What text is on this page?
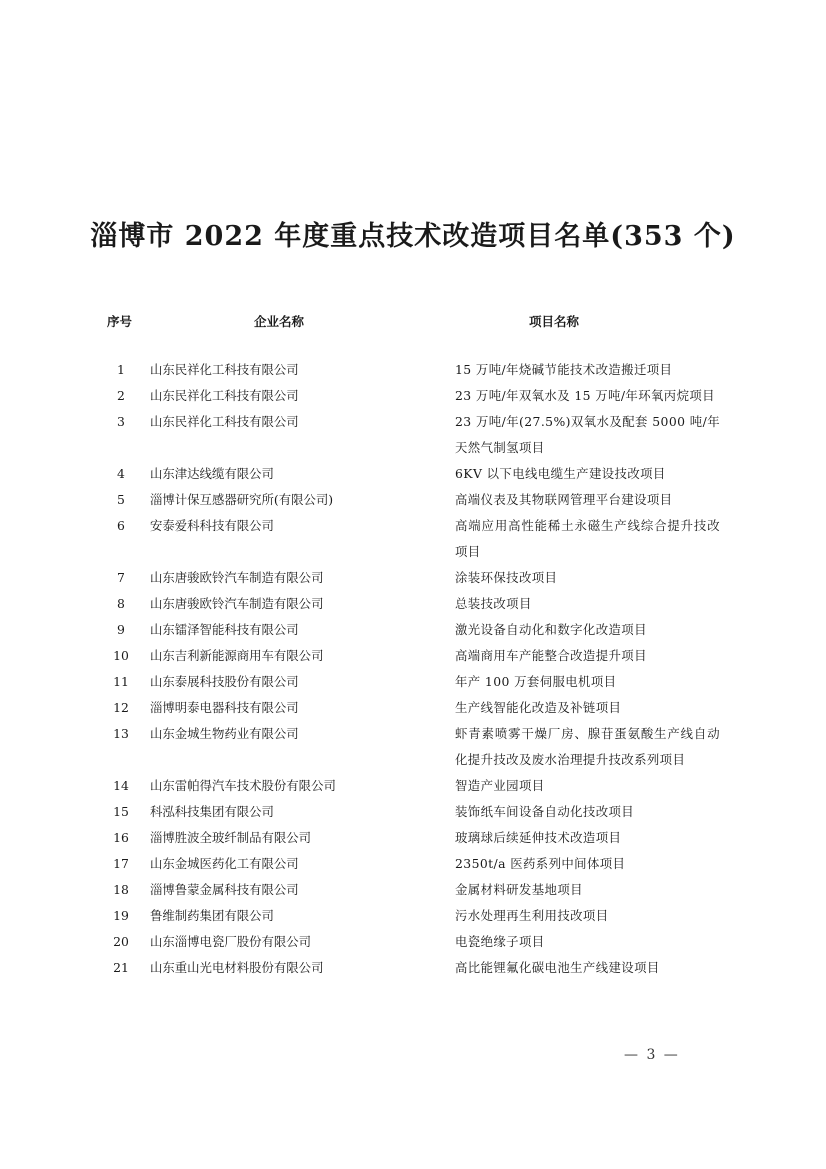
淄博市 2022 年度重点技术改造项目名单(353 个)
序号	企业名称	项目名称
1	山东民祥化工科技有限公司	15 万吨/年烧碱节能技术改造搬迁项目
2	山东民祥化工科技有限公司	23 万吨/年双氧水及 15 万吨/年环氧丙烷项目
3	山东民祥化工科技有限公司	23 万吨/年(27.5%)双氧水及配套 5000 吨/年天然气制氢项目
4	山东津达线缆有限公司	6KV 以下电线电缆生产建设技改项目
5	淄博计保互感器研究所(有限公司)	高端仪表及其物联网管理平台建设项目
6	安泰爱科科技有限公司	高端应用高性能稀土永磁生产线综合提升技改项目
7	山东唐骏欧铃汽车制造有限公司	涂装环保技改项目
8	山东唐骏欧铃汽车制造有限公司	总装技改项目
9	山东镭泽智能科技有限公司	激光设备自动化和数字化改造项目
10	山东吉利新能源商用车有限公司	高端商用车产能整合改造提升项目
11	山东泰展科技股份有限公司	年产 100 万套伺服电机项目
12	淄博明泰电器科技有限公司	生产线智能化改造及补链项目
13	山东金城生物药业有限公司	虾青素喷雾干燥厂房、腺苷蛋氨酸生产线自动化提升技改及废水治理提升技改系列项目
14	山东雷帕得汽车技术股份有限公司	智造产业园项目
15	科泓科技集团有限公司	装饰纸车间设备自动化技改项目
16	淄博胜波全玻纤制品有限公司	玻璃球后续延伸技术改造项目
17	山东金城医药化工有限公司	2350t/a 医药系列中间体项目
18	淄博鲁蒙金属科技有限公司	金属材料研发基地项目
19	鲁维制药集团有限公司	污水处理再生利用技改项目
20	山东淄博电瓷厂股份有限公司	电瓷绝缘子项目
21	山东重山光电材料股份有限公司	高比能锂氟化碳电池生产线建设项目
— 3 —
